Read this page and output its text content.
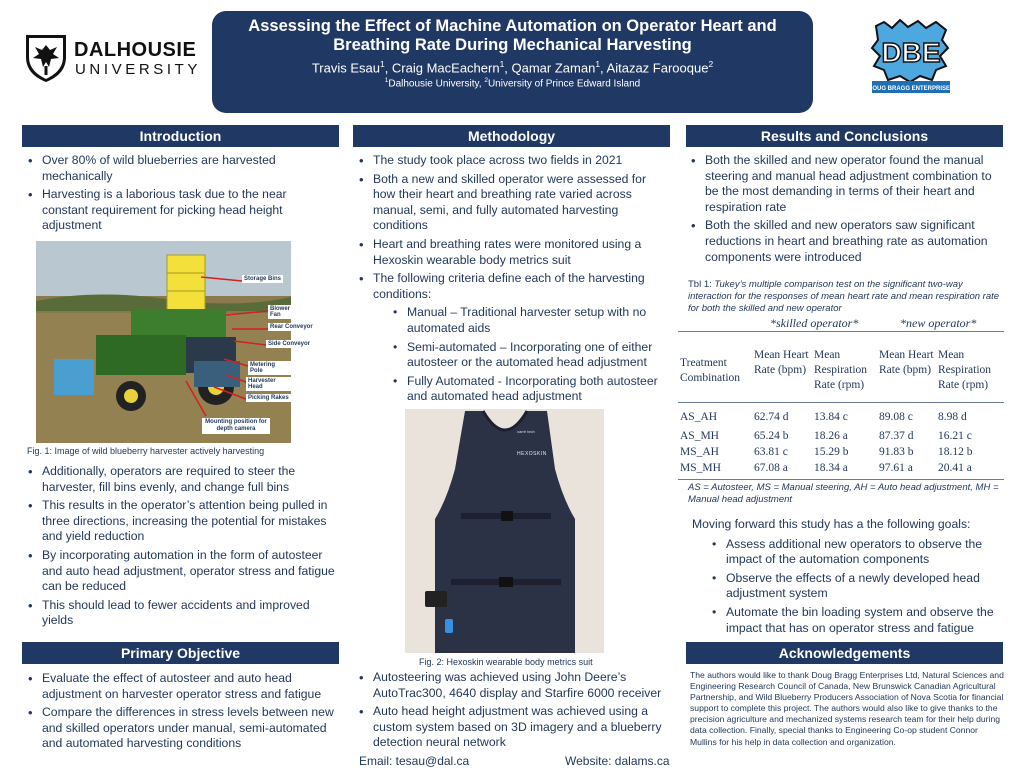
DALHOUSIE
UNIVERSITY
Assessing the Effect of Machine Automation on Operator Heart and Breathing Rate During Mechanical Harvesting
Travis Esau$^1$, Craig MacEachern$^1$, Qamar Zaman$^1$, Aitazaz Farooque$^2$
$^1$Dalhousie University, $^2$University of Prince Edward Island
DBE
DOUG BRAGG ENTERPRISES
Introduction	Methodology	Results and Conclusions
Primary Objective	Acknowledgements
• Over 80% of wild blueberries are harvested mechanically
• Harvesting is a laborious task due to the near constant requirement for picking head height adjustment
Storage Bins
Blower Fan
Rear Conveyor
Side Conveyor
Metering Pole
Harvester Head
Picking Rakes
Mounting position for depth camera
Fig. 1: Image of wild blueberry harvester actively harvesting
• Additionally, operators are required to steer the harvester, fill bins evenly, and change full bins
• This results in the operator’s attention being pulled in three directions, increasing the potential for mistakes and yield reduction
• By incorporating automation in the form of autosteer and auto head adjustment, operator stress and fatigue can be reduced
• This should lead to fewer accidents and improved yields
• Evaluate the effect of autosteer and auto head adjustment on harvester operator stress and fatigue
• Compare the differences in stress levels between new and skilled operators under manual, semi-automated and automated harvesting conditions
• The study took place across two fields in 2021
• Both a new and skilled operator were assessed for how their heart and breathing rate varied across manual, semi, and fully automated harvesting conditions
• Heart and breathing rates were monitored using a Hexoskin wearable body metrics suit
• The following criteria define each of the harvesting conditions:
• Manual – Traditional harvester setup with no automated aids
• Semi-automated – Incorporating one of either autosteer or the automated head adjustment
• Fully Automated - Incorporating both autosteer and automated head adjustment
carré tech
HEXOSKIN
Fig. 2: Hexoskin wearable body metrics suit
• Autosteering was achieved using John Deere’s AutoTrac300, 4640 display and Starfire 6000 receiver
• Auto head height adjustment was achieved using a custom system based on 3D imagery and a blueberry detection neural network
Email: tesau@dal.ca	Website: dalams.ca
• Both the skilled and new operator found the manual steering and manual head adjustment combination to be the most demanding in terms of their heart and respiration rate
• Both the skilled and new operators saw significant reductions in heart and breathing rate as automation components were introduced
Tbl 1: Tukey’s multiple comparison test on the significant two-way interaction for the responses of mean heart rate and mean respiration rate for both the skilled and new operator
*skilled operator*	*new operator*
Treatment Combination
Mean Heart Rate (bpm)
Mean Respiration Rate (rpm)
Mean Heart Rate (bpm)
Mean Respiration Rate (rpm)
AS_AH	62.74 d 13.84 c	89.08 c 8.98 d
AS_MH	65.24 b 18.26 a	87.37 d 16.21 c
MS_AH	63.81 c 15.29 b	91.83 b 18.12 b
MS_MH	67.08 a 18.34 a	97.61 a 20.41 a
AS = Autosteer, MS = Manual steering, AH = Auto head adjustment, MH = Manual head adjustment
Moving forward this study has a the following goals:
• Assess additional new operators to observe the impact of the automation components
• Observe the effects of a newly developed head adjustment system
• Automate the bin loading system and observe the impact that has on operator stress and fatigue
The authors would like to thank Doug Bragg Enterprises Ltd, Natural Sciences and Engineering Research Council of Canada, New Brunswick Canadian Agricultural Partnership, and Wild Blueberry Producers Association of Nova Scotia for financial support to complete this project. The authors would also like to give thanks to the precision agriculture and mechanized systems research team for their help during data collection. Finally, special thanks to Engineering Co-op student Connor Mullins for his help in data collection and organization.
